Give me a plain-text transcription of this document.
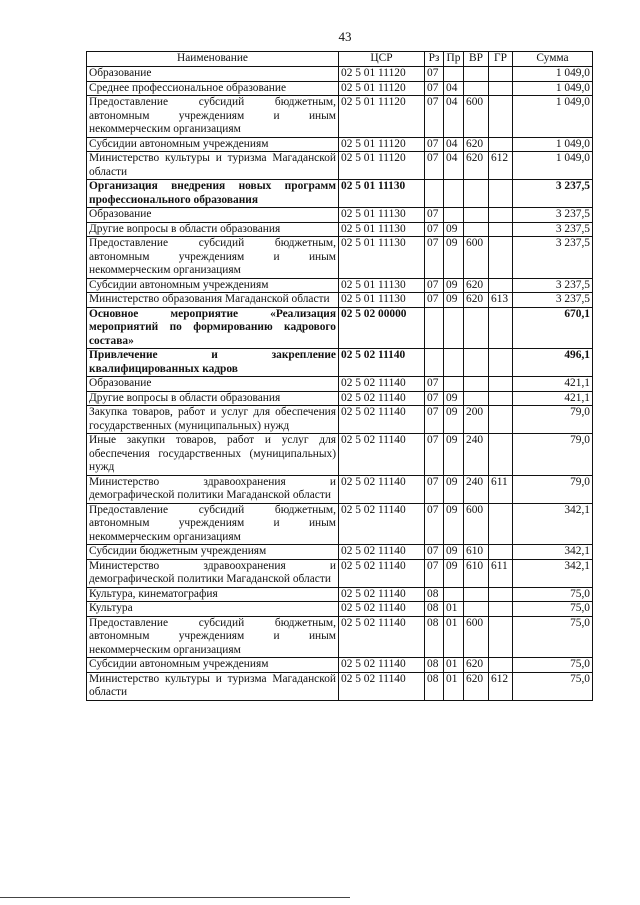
43
Наименование	ЦСР	Рз	Пр	ВР	ГР	Сумма
Образование	02 5 01 11120	07				1 049,0
Среднее профессиональное образование	02 5 01 11120	07	04			1 049,0
Предоставление субсидий бюджетным, автономным учреждениям и иным некоммерческим организациям	02 5 01 11120	07	04	600		1 049,0
Субсидии автономным учреждениям	02 5 01 11120	07	04	620		1 049,0
Министерство культуры и туризма Магаданской области	02 5 01 11120	07	04	620	612	1 049,0
Организация внедрения новых программ профессионального образования	02 5 01 11130					3 237,5
Образование	02 5 01 11130	07				3 237,5
Другие вопросы в области образования	02 5 01 11130	07	09			3 237,5
Предоставление субсидий бюджетным, автономным учреждениям и иным некоммерческим организациям	02 5 01 11130	07	09	600		3 237,5
Субсидии автономным учреждениям	02 5 01 11130	07	09	620		3 237,5
Министерство образования Магаданской области	02 5 01 11130	07	09	620	613	3 237,5
Основное мероприятие «Реализация мероприятий по формированию кадрового состава»	02 5 02 00000					670,1
Привлечение и закрепление квалифицированных кадров	02 5 02 11140					496,1
Образование	02 5 02 11140	07				421,1
Другие вопросы в области образования	02 5 02 11140	07	09			421,1
Закупка товаров, работ и услуг для обеспечения государственных (муниципальных) нужд	02 5 02 11140	07	09	200		79,0
Иные закупки товаров, работ и услуг для обеспечения государственных (муниципальных) нужд	02 5 02 11140	07	09	240		79,0
Министерство здравоохранения и демографической политики Магаданской области	02 5 02 11140	07	09	240	611	79,0
Предоставление субсидий бюджетным, автономным учреждениям и иным некоммерческим организациям	02 5 02 11140	07	09	600		342,1
Субсидии бюджетным учреждениям	02 5 02 11140	07	09	610		342,1
Министерство здравоохранения и демографической политики Магаданской области	02 5 02 11140	07	09	610	611	342,1
Культура, кинематография	02 5 02 11140	08				75,0
Культура	02 5 02 11140	08	01			75,0
Предоставление субсидий бюджетным, автономным учреждениям и иным некоммерческим организациям	02 5 02 11140	08	01	600		75,0
Субсидии автономным учреждениям	02 5 02 11140	08	01	620		75,0
Министерство культуры и туризма Магаданской области	02 5 02 11140	08	01	620	612	75,0
